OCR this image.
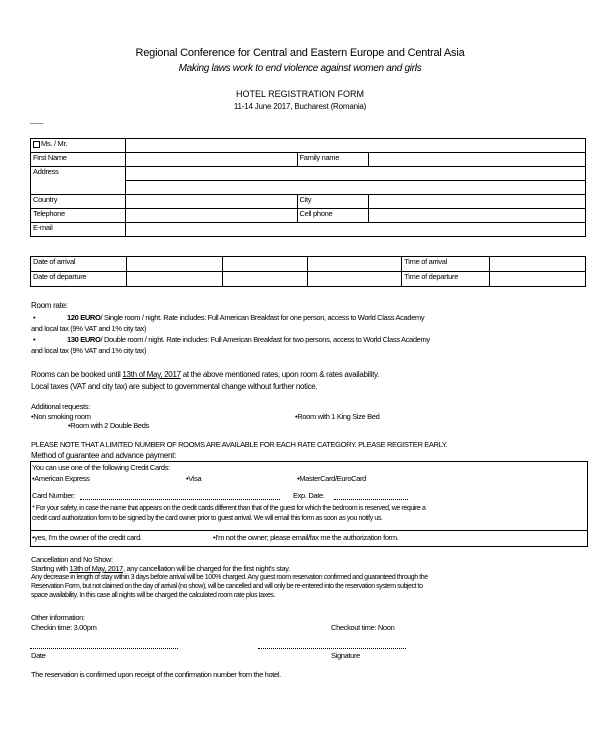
Regional Conference for Central and Eastern Europe and Central Asia
Making laws work to end violence against women and girls
HOTEL REGISTRATION FORM
11-14 June 2017, Bucharest (Romania)
____
Ms. / Mr.			
First Name		Family name	
Address			

Country		City	
Telephone		Cell phone	
E-mail			
Date of arrival				Time of arrival	
Date of departure				Time of departure	
Room rate:
•	120 EURO/ Single room / night. Rate includes: Full American Breakfast for one person, access to World Class Academy
and local tax (9% VAT and 1% city tax)
•	130 EURO/ Double room / night. Rate includes: Full American Breakfast for two persons, access to World Class Academy
and local tax (9% VAT and 1% city tax)
Rooms can be booked until 13th of May, 2017 at the above mentioned rates, upon room & rates availability.
Local taxes (VAT and city tax) are subject to governmental change without further notice.
Additional requests:
•Non smoking room	•Room with 1 King Size Bed
•Room with 2 Double Beds
PLEASE NOTE THAT A LIMITED NUMBER OF ROOMS ARE AVAILABLE FOR EACH RATE CATEGORY. PLEASE REGISTER EARLY.
Method of guarantee and advance payment:
You can use one of the following Credit Cards:
•American Express	•Visa	•MasterCard/EuroCard
Card Number:	Exp. Date.
* For your safety, in case the name that appears on the credit cards different than that of the guest for which the bedroom is reserved, we require a
credit card authorization form to be signed by the card owner prior to guest arrival. We will email this form as soon as you notify us.
•yes, I'm the owner of the credit card.	•I'm not the owner; please email/fax me the authorization form.
Cancellation and No Show:
Starting with 13th of May, 2017, any cancellation will be charged for the first night's stay.
Any decrease in length of stay within 3 days before arrival will be 100% charged. Any guest room reservation confirmed and guaranteed through the
Reservation Form, but not claimed on the day of arrival (no show), will be cancelled and will only be re-entered into the reservation system subject to
space availability. In this case all nights will be charged the calculated room rate plus taxes.
Other information:
Checkin time: 3.00pm	Checkout time: Noon
Date	Signature
The reservation is confirmed upon receipt of the confirmation number from the hotel.
